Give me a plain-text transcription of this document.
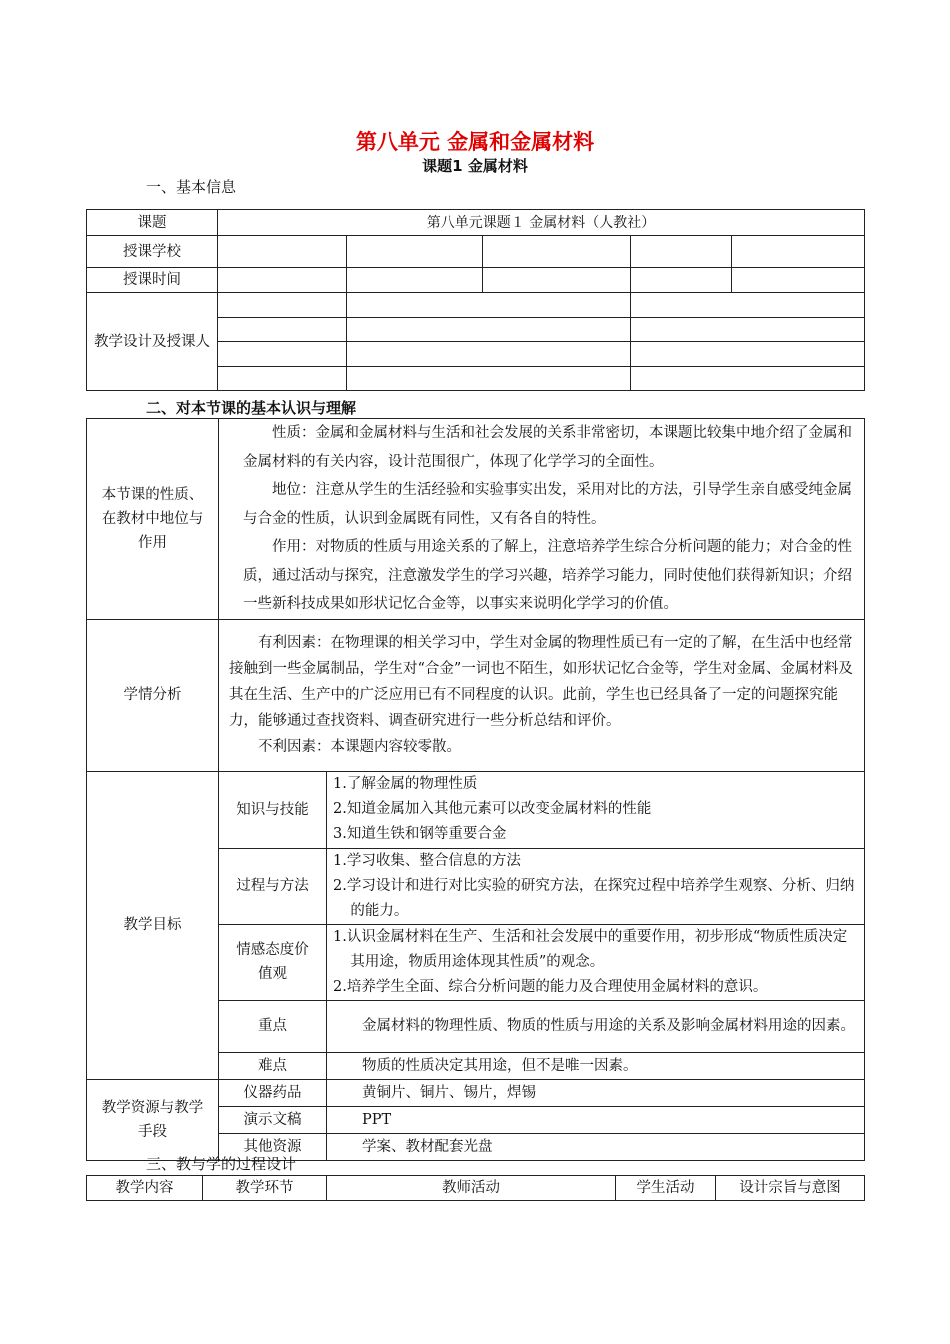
第八单元 金属和金属材料
课题1 金属材料
一、基本信息
课题	第八单元课题１ 金属材料（人教社）				
授课学校					
授课时间					
教学设计及授课人					

二、对本节课的基本认识与理解
本节课的性质、在教材中地位与作用	性质：金属和金属材料与生活和社会发展的关系非常密切，本课题比较集中地介绍了金属和金属材料的有关内容，设计范围很广，体现了化学学习的全面性。

地位：注意从学生的生活经验和实验事实出发，采用对比的方法，引导学生亲自感受纯金属与合金的性质，认识到金属既有同性，又有各自的特性。

作用：对物质的性质与用途关系的了解上，注意培养学生综合分析问题的能力；对合金的性质，通过活动与探究，注意激发学生的学习兴趣，培养学习能力，同时使他们获得新知识；介绍一些新科技成果如形状记忆合金等，以事实来说明化学学习的价值。	

学情分析	有利因素：在物理课的相关学习中，学生对金属的物理性质已有一定的了解，在生活中也经常接触到一些金属制品，学生对“合金”一词也不陌生，如形状记忆合金等，学生对金属、金属材料及其在生活、生产中的广泛应用已有不同程度的认识。此前，学生也已经具备了一定的问题探究能力，能够通过查找资料、调查研究进行一些分析总结和评价。

不利因素：本课题内容较零散。	

教学目标	知识与技能	1.了解金属的物理性质

2.知道金属加入其他元素可以改变金属材料的性能

3.知道生铁和钢等重要合金

	过程与方法	1.学习收集、整合信息的方法

2.学习设计和进行对比实验的研究方法，在探究过程中培养学生观察、分析、归纳的能力。

	情感态度价值观	1.认识金属材料在生产、生活和社会发展中的重要作用，初步形成“物质性质决定其用途，物质用途体现其性质”的观念。

2.培养学生全面、综合分析问题的能力及合理使用金属材料的意识。

	重点	金属材料的物理性质、物质的性质与用途的关系及影响金属材料用途的因素。

	难点	物质的性质决定其用途，但不是唯一因素。

教学资源与教学手段	仪器药品	黄铜片、铜片、锡片，焊锡

	演示文稿	PPT

	其他资源	学案、教材配套光盘

三、教与学的过程设计
教学内容	教学环节	教师活动	学生活动	设计宗旨与意图
